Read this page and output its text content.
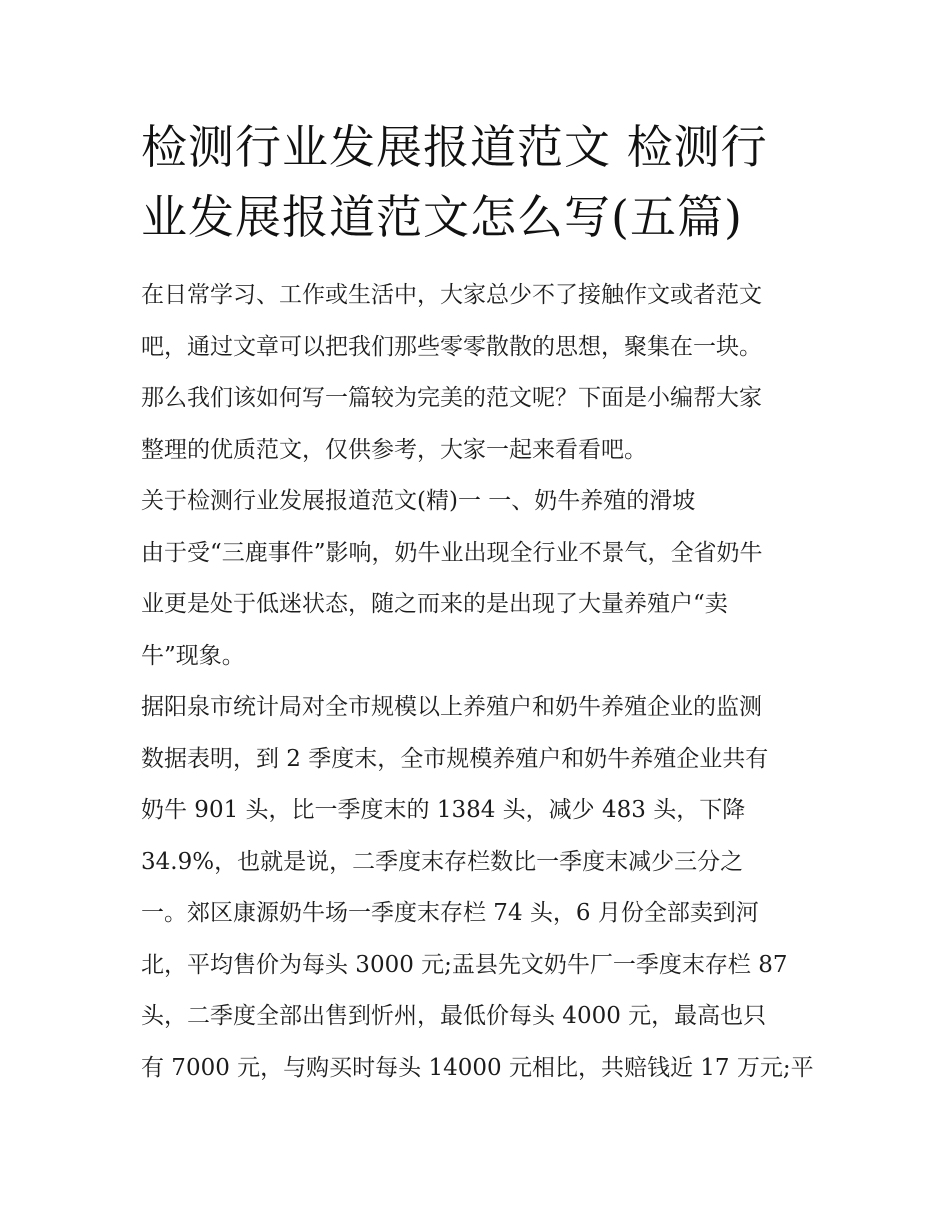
检测行业发展报道范文 检测行
业发展报道范文怎么写(五篇)
在日常学习、工作或生活中，大家总少不了接触作文或者范文
吧，通过文章可以把我们那些零零散散的思想，聚集在一块。
那么我们该如何写一篇较为完美的范文呢？下面是小编帮大家
整理的优质范文，仅供参考，大家一起来看看吧。
关于检测行业发展报道范文(精)一 一、奶牛养殖的滑坡
由于受“三鹿事件”影响，奶牛业出现全行业不景气，全省奶牛
业更是处于低迷状态，随之而来的是出现了大量养殖户“卖
牛”现象。
据阳泉市统计局对全市规模以上养殖户和奶牛养殖企业的监测
数据表明，到 2 季度末，全市规模养殖户和奶牛养殖企业共有
奶牛 901 头，比一季度末的 1384 头，减少 483 头，下降
34.9%，也就是说，二季度末存栏数比一季度末减少三分之
一。郊区康源奶牛场一季度末存栏 74 头，6 月份全部卖到河
北，平均售价为每头 3000 元;盂县先文奶牛厂一季度末存栏 87
头，二季度全部出售到忻州，最低价每头 4000 元，最高也只
有 7000 元，与购买时每头 14000 元相比，共赔钱近 17 万元;平
